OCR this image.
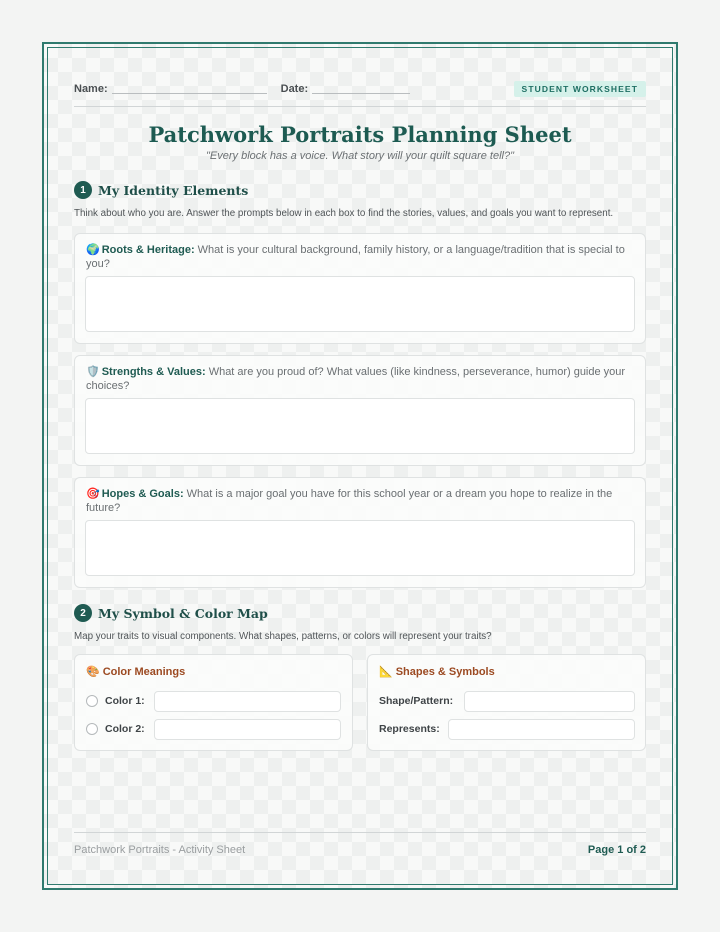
Name:	Date:	STUDENT WORKSHEET
Patchwork Portraits Planning Sheet
"Every block has a voice. What story will your quilt square tell?"
1 My Identity Elements
Think about who you are. Answer the prompts below in each box to find the stories, values, and goals you want to represent.
🌍 Roots & Heritage: What is your cultural background, family history, or a language/tradition that is special to you?
🛡️ Strengths & Values: What are you proud of? What values (like kindness, perseverance, humor) guide your choices?
🎯 Hopes & Goals: What is a major goal you have for this school year or a dream you hope to realize in the future?
2 My Symbol & Color Map
Map your traits to visual components. What shapes, patterns, or colors will represent your traits?
🎨 Color Meanings
Color 1:
Color 2:
📐 Shapes & Symbols
Shape/Pattern:
Represents:
Patchwork Portraits - Activity Sheet	Page 1 of 2
